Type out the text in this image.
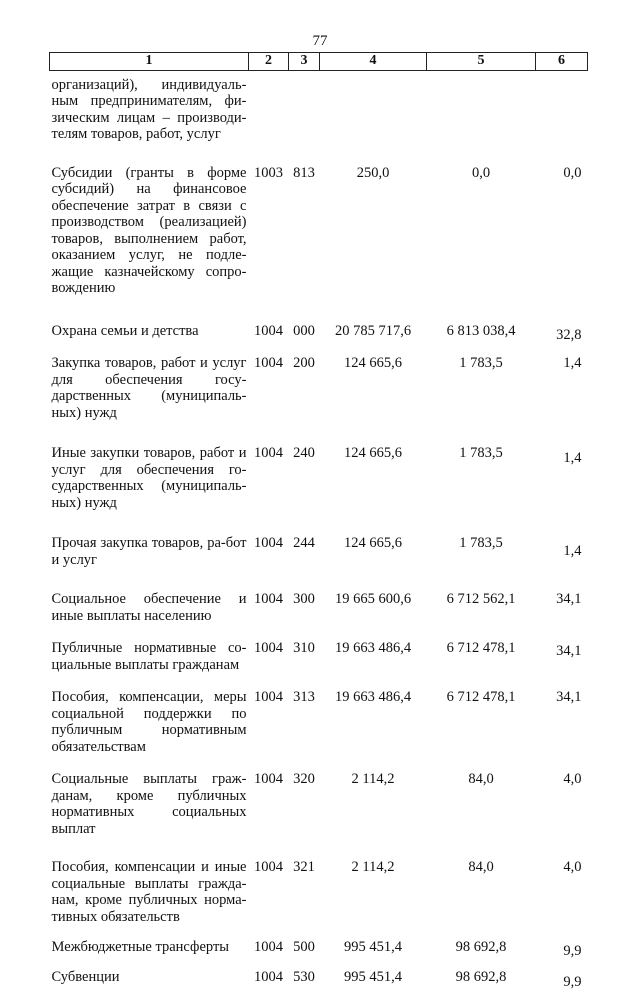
77
1	2	3	4	5	6
организаций), индивидуаль-ным предпринимателям, фи-зическим лицам – производи-телям товаров, работ, услуг					
Субсидии (гранты в форме субсидий) на финансовое обеспечение затрат в связи с производством (реализацией) товаров, выполнением работ, оказанием услуг, не подле-жащие казначейскому сопро-вождению	1003	813	250,0	0,0	0,0
Охрана семьи и детства	1004	000	20 785 717,6	6 813 038,4	32,8
Закупка товаров, работ и услуг для обеспечения госу-дарственных (муниципаль-ных) нужд	1004	200	124 665,6	1 783,5	1,4
Иные закупки товаров, работ и услуг для обеспечения го-сударственных (муниципаль-ных) нужд	1004	240	124 665,6	1 783,5	1,4
Прочая закупка товаров, ра-бот и услуг	1004	244	124 665,6	1 783,5	1,4
Социальное обеспечение и иные выплаты населению	1004	300	19 665 600,6	6 712 562,1	34,1
Публичные нормативные со-циальные выплаты гражданам	1004	310	19 663 486,4	6 712 478,1	34,1
Пособия, компенсации, меры социальной поддержки по публичным нормативным обязательствам	1004	313	19 663 486,4	6 712 478,1	34,1
Социальные выплаты граж-данам, кроме публичных нормативных социальных выплат	1004	320	2 114,2	84,0	4,0
Пособия, компенсации и иные социальные выплаты гражда-нам, кроме публичных норма-тивных обязательств	1004	321	2 114,2	84,0	4,0
Межбюджетные трансферты	1004	500	995 451,4	98 692,8	9,9
Субвенции	1004	530	995 451,4	98 692,8	9,9
